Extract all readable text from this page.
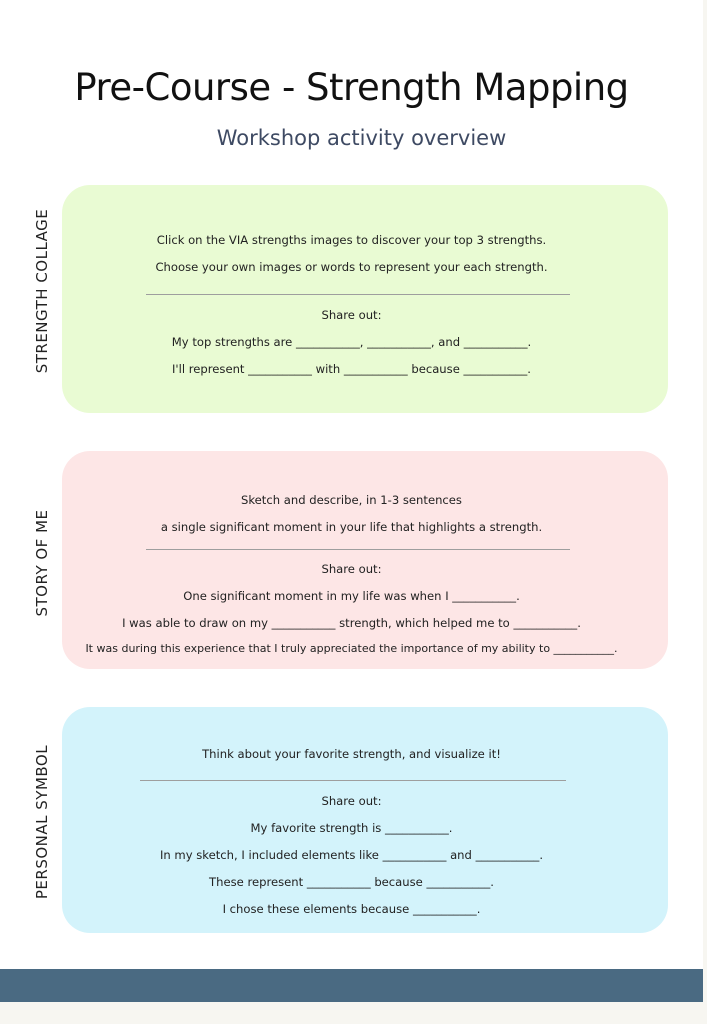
Pre-Course - Strength Mapping
Workshop activity overview
STRENGTH COLLAGE	Click on the VIA strengths images to discover your top 3 strengths.
Choose your own images or words to represent your each strength.
Share out:
My top strengths are ___________, ___________, and ___________.
I'll represent ___________ with ___________ because ___________.
STORY OF ME
Sketch and describe, in 1-3 sentences
a single significant moment in your life that highlights a strength.
Share out:
One significant moment in my life was when I ___________.
I was able to draw on my ___________ strength, which helped me to ___________.
It was during this experience that I truly appreciated the importance of my ability to ___________.
PERSONAL SYMBOL	Think about your favorite strength, and visualize it!
Share out:
My favorite strength is ___________.
In my sketch, I included elements like ___________ and ___________.
These represent ___________ because ___________.
I chose these elements because ___________.
